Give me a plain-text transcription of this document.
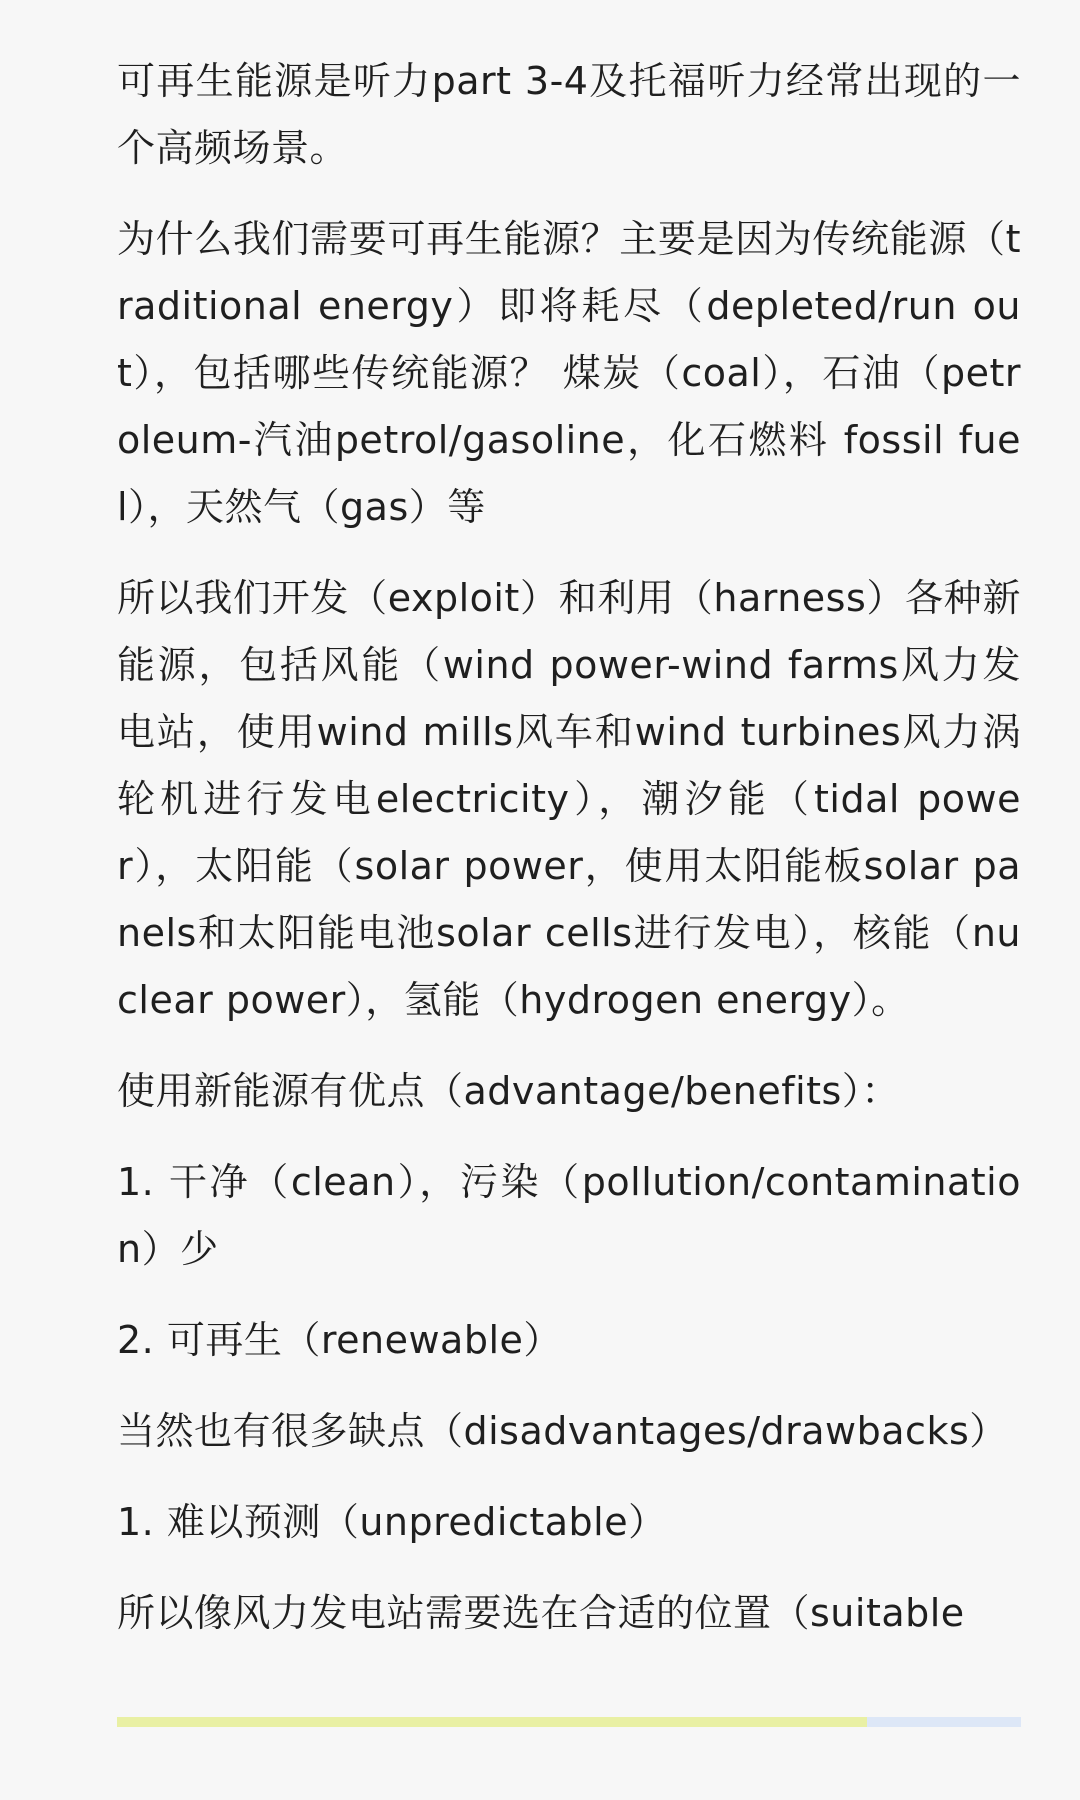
可再生能源是听力part 3-4及托福听力经常出现的一个高频场景。

为什么我们需要可再生能源？主要是因为传统能源（traditional energy）即将耗尽（depleted/run out），包括哪些传统能源？ 煤炭（coal），石油（petroleum-汽油petrol/gasoline，化石燃料 fossil fuel），天然气（gas）等

所以我们开发（exploit）和利用（harness）各种新能源，包括风能（wind power-wind farms风力发电站，使用wind mills风车和wind turbines风力涡轮机进行发电electricity），潮汐能（tidal power），太阳能（solar power，使用太阳能板solar panels和太阳能电池solar cells进行发电），核能（nuclear power），氢能（hydrogen energy）。

使用新能源有优点（advantage/benefits）：

1. 干净（clean），污染（pollution/contamination）少

2. 可再生（renewable）

当然也有很多缺点（disadvantages/drawbacks）

1. 难以预测（unpredictable）

所以像风力发电站需要选在合适的位置（suitable
